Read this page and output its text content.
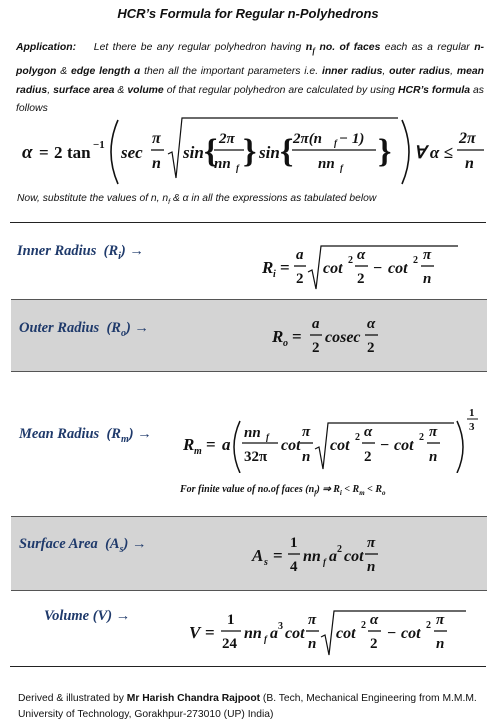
HCR’s Formula for Regular n-Polyhedrons
Application: Let there be any regular polyhedron having $n_f$ no. of faces each as a regular n-polygon & edge length a then all the important parameters i.e. inner radius, outer radius, mean radius, surface area & volume of that regular polyhedron are calculated by using HCR’s formula as follows
α = 2 tan −1 sec
π
n
sin { 2π
nn f } sin { 2π(n f − 1)
nn f } ∀ α ≤
2π
n
Now, substitute the values of n, $n_f$ & α in all the expressions as tabulated below
Inner Radius $(R_i)$ →
R i =
a
2
cot 2 α
2
− cot 2 π
n
Outer Radius $(R_o)$ →	R o =
a
2
cosec
α
2
Mean Radius $(R_m)$ →
R m = a
nn f
32π
cot
π
n
cot 2 α
2
− cot 2 π
n
1
3
For finite value of no.of faces $(n_f)$ ⇒ $R_i < R_m < R_o$
Surface Area $(A_s)$ →
A s =
1
4
nn f a 2 cot
π
n
Volume (V) →
V =
1
24
nn f a 3 cot
π
n
cot 2 α
2
− cot 2 π
n
Derived & illustrated by Mr Harish Chandra Rajpoot (B. Tech, Mechanical Engineering from M.M.M. University of Technology, Gorakhpur-273010 (UP) India)
